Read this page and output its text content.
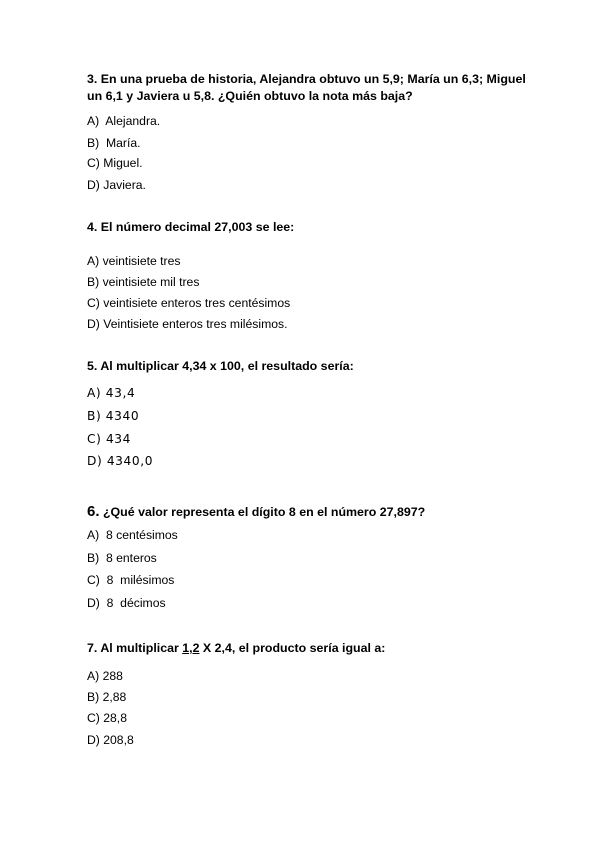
3. En una prueba de historia, Alejandra obtuvo un 5,9; María un 6,3; Miguel un 6,1 y Javiera u 5,8. ¿Quién obtuvo la nota más baja?
A)  Alejandra.
B)  María.
C) Miguel.
D) Javiera.
4. El número decimal 27,003 se lee:
A) veintisiete tres
B) veintisiete mil tres
C) veintisiete enteros tres centésimos
D) Veintisiete enteros tres milésimos.
5. Al multiplicar 4,34 x 100, el resultado sería:
A) 43,4
B) 4340
C) 434
D) 4340,0
6. ¿Qué valor representa el dígito 8 en el número 27,897?
A)  8 centésimos
B)  8 enteros
C)  8  milésimos
D)  8  décimos
7. Al multiplicar 1,2 X 2,4, el producto sería igual a:
A) 288
B) 2,88
C) 28,8
D) 208,8
